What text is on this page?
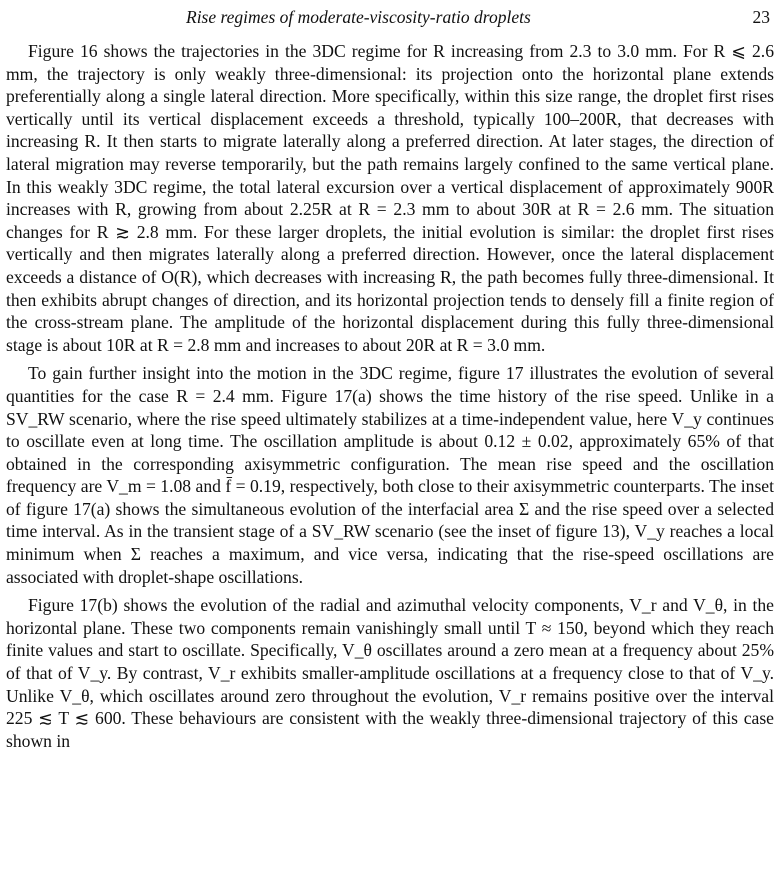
Rise regimes of moderate-viscosity-ratio droplets	23

Figure 16 shows the trajectories in the 3DC regime for R increasing from 2.3 to 3.0 mm. For R ⩽ 2.6 mm, the trajectory is only weakly three-dimensional: its projection onto the horizontal plane extends preferentially along a single lateral direction. More specifically, within this size range, the droplet first rises vertically until its vertical displacement exceeds a threshold, typically 100–200R, that decreases with increasing R. It then starts to migrate laterally along a preferred direction. At later stages, the direction of lateral migration may reverse temporarily, but the path remains largely confined to the same vertical plane. In this weakly 3DC regime, the total lateral excursion over a vertical displacement of approximately 900R increases with R, growing from about 2.25R at R = 2.3 mm to about 30R at R = 2.6 mm. The situation changes for R ≳ 2.8 mm. For these larger droplets, the initial evolution is similar: the droplet first rises vertically and then migrates laterally along a preferred direction. However, once the lateral displacement exceeds a distance of O(R), which decreases with increasing R, the path becomes fully three-dimensional. It then exhibits abrupt changes of direction, and its horizontal projection tends to densely fill a finite region of the cross-stream plane. The amplitude of the horizontal displacement during this fully three-dimensional stage is about 10R at R = 2.8 mm and increases to about 20R at R = 3.0 mm.

To gain further insight into the motion in the 3DC regime, figure 17 illustrates the evolution of several quantities for the case R = 2.4 mm. Figure 17(a) shows the time history of the rise speed. Unlike in a SV_RW scenario, where the rise speed ultimately stabilizes at a time-independent value, here V_y continues to oscillate even at long time. The oscillation amplitude is about 0.12 ± 0.02, approximately 65% of that obtained in the corresponding axisymmetric configuration. The mean rise speed and the oscillation frequency are V_m = 1.08 and f̄ = 0.19, respectively, both close to their axisymmetric counterparts. The inset of figure 17(a) shows the simultaneous evolution of the interfacial area Σ and the rise speed over a selected time interval. As in the transient stage of a SV_RW scenario (see the inset of figure 13), V_y reaches a local minimum when Σ reaches a maximum, and vice versa, indicating that the rise-speed oscillations are associated with droplet-shape oscillations.

Figure 17(b) shows the evolution of the radial and azimuthal velocity components, V_r and V_θ, in the horizontal plane. These two components remain vanishingly small until T ≈ 150, beyond which they reach finite values and start to oscillate. Specifically, V_θ oscillates around a zero mean at a frequency about 25% of that of V_y. By contrast, V_r exhibits smaller-amplitude oscillations at a frequency close to that of V_y. Unlike V_θ, which oscillates around zero throughout the evolution, V_r remains positive over the interval 225 ≲ T ≲ 600. These behaviours are consistent with the weakly three-dimensional trajectory of this case shown in
